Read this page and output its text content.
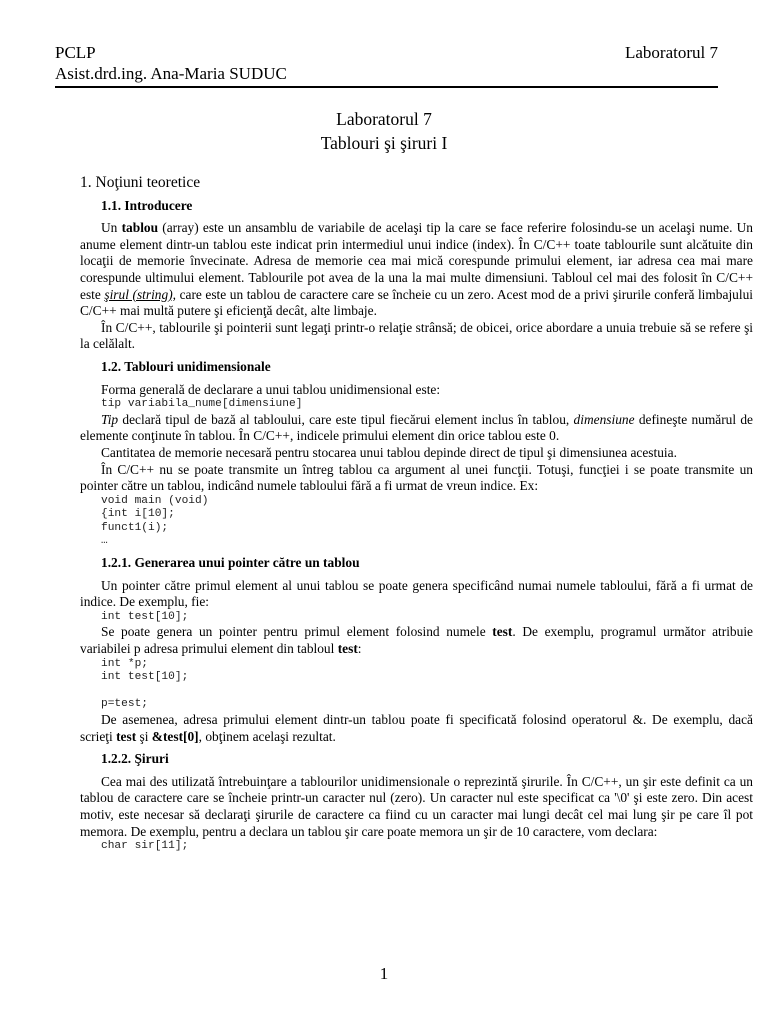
PCLP	Laboratorul 7
Asist.drd.ing. Ana-Maria SUDUC
Laboratorul 7
Tablouri şi şiruri I
1. Noţiuni teoretice
1.1. Introducere

Un tablou (array) este un ansamblu de variabile de acelaşi tip la care se face referire folosindu-se un acelaşi nume. Un anume element dintr-un tablou este indicat prin intermediul unui indice (index). În C/C++ toate tablourile sunt alcătuite din locaţii de memorie învecinate. Adresa de memorie cea mai mică corespunde primului element, iar adresa cea mai mare corespunde ultimului element. Tablourile pot avea de la una la mai multe dimensiuni. Tabloul cel mai des folosit în C/C++ este şirul (string), care este un tablou de caractere care se încheie cu un zero. Acest mod de a privi şirurile conferă limbajului C/C++ mai multă putere şi eficienţă decât, alte limbaje.

În C/C++, tablourile şi pointerii sunt legaţi printr-o relaţie strânsă; de obicei, orice abordare a unuia trebuie să se refere şi la celălalt.

1.2. Tablouri unidimensionale

Forma generală de declarare a unui tablou unidimensional este:

tip variabila_nume[dimensiune]

Tip declară tipul de bază al tabloului, care este tipul fiecărui element inclus în tablou, dimensiune defineşte numărul de elemente conţinute în tablou. În C/C++, indicele primului element din orice tablou este 0.

Cantitatea de memorie necesară pentru stocarea unui tablou depinde direct de tipul şi dimensiunea acestuia.

În C/C++ nu se poate transmite un întreg tablou ca argument al unei funcţii. Totuşi, funcţiei i se poate transmite un pointer către un tablou, indicând numele tabloului fără a fi urmat de vreun indice. Ex:

void main (void)
{int i[10];
funct1(i);
…
1.2.1. Generarea unui pointer către un tablou

Un pointer către primul element al unui tablou se poate genera specificând numai numele tabloului, fără a fi urmat de indice. De exemplu, fie:

int test[10];

Se poate genera un pointer pentru primul element folosind numele test. De exemplu, programul următor atribuie variabilei p adresa primului element din tabloul test:

int *p;
int test[10];

p=test;

De asemenea, adresa primului element dintr-un tablou poate fi specificată folosind operatorul &. De exemplu, dacă scrieţi test şi &test[0], obţinem acelaşi rezultat.

1.2.2. Şiruri

Cea mai des utilizată întrebuinţare a tablourilor unidimensionale o reprezintă şirurile. În C/C++, un şir este definit ca un tablou de caractere care se încheie printr-un caracter nul (zero). Un caracter nul este specificat ca '\0' şi este zero. Din acest motiv, este necesar să declaraţi şirurile de caractere ca fiind cu un caracter mai lungi decât cel mai lung şir pe care îl pot memora. De exemplu, pentru a declara un tablou şir care poate memora un şir de 10 caractere, vom declara:

char sir[11];
1
